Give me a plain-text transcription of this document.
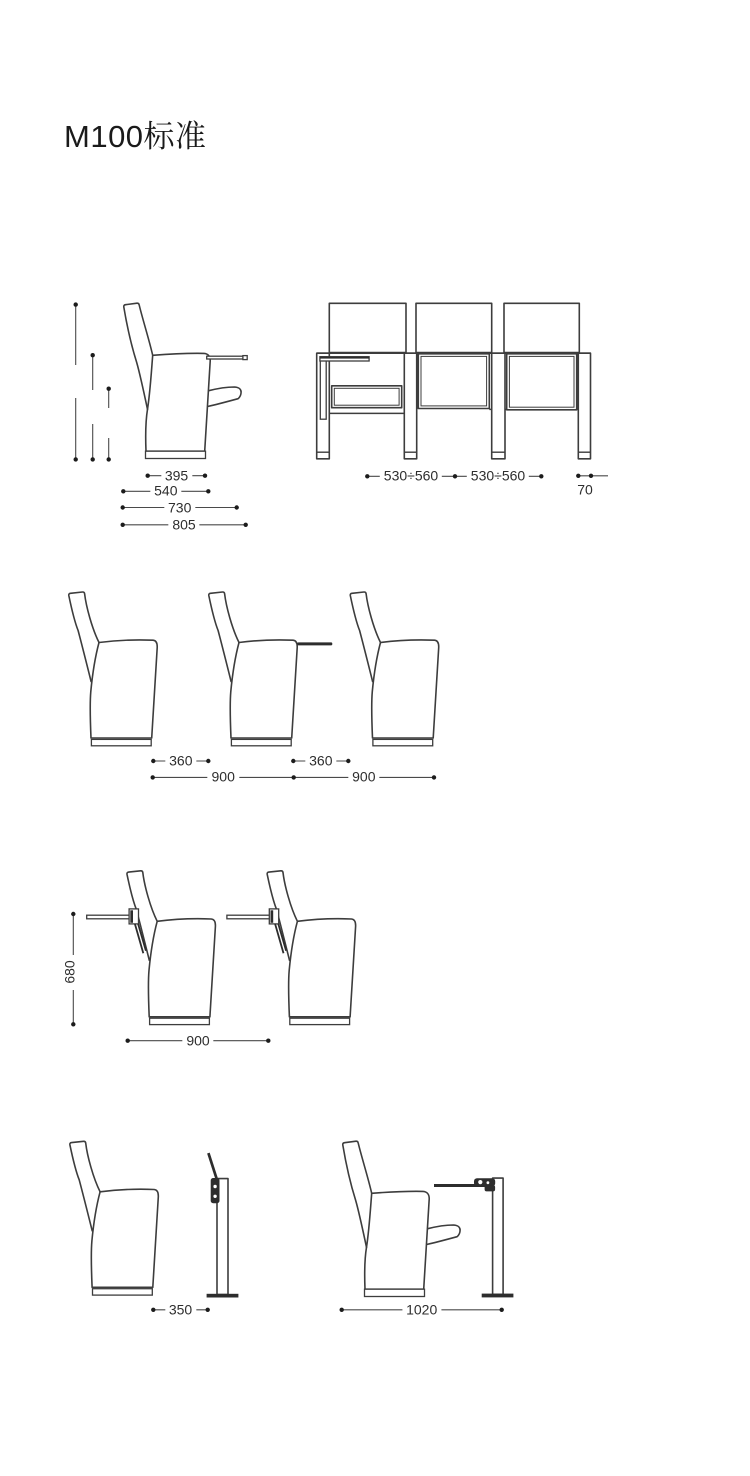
M100标准
395
540
730
805
530÷560 530÷560
70
360	360
900	900
680
900
350	1020
